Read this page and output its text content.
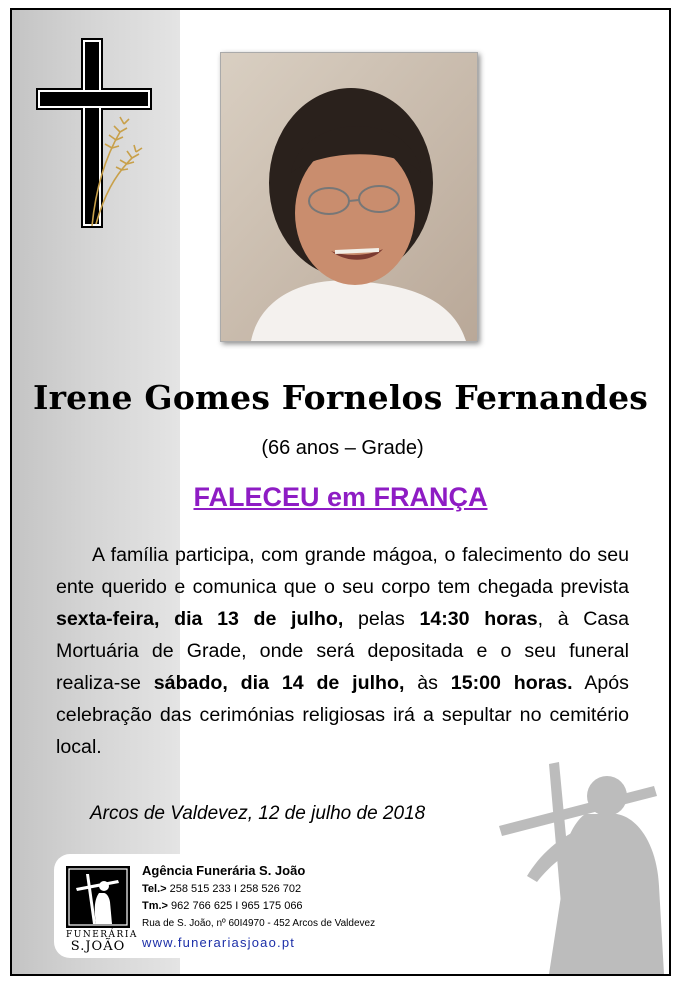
Irene Gomes Fornelos Fernandes
(66 anos – Grade)
FALECEU em FRANÇA

A família participa, com grande mágoa, o falecimento do seu ente querido e comunica que o seu corpo tem chegada prevista sexta-feira, dia 13 de julho, pelas 14:30 horas, à Casa Mortuária de Grade, onde será depositada e o seu funeral realiza-se sábado, dia 14 de julho, às 15:00 horas. Após celebração das cerimónias religiosas irá a sepultar no cemitério local.

Arcos de Valdevez, 12 de julho de 2018
FUNERÁRIA
S.JOÃO
Agência Funerária S. João
Tel.> 258 515 233 I 258 526 702
Tm.> 962 766 625 I 965 175 066
Rua de S. João, nº 60I4970 - 452 Arcos de Valdevez
www.funerariasjoao.pt
